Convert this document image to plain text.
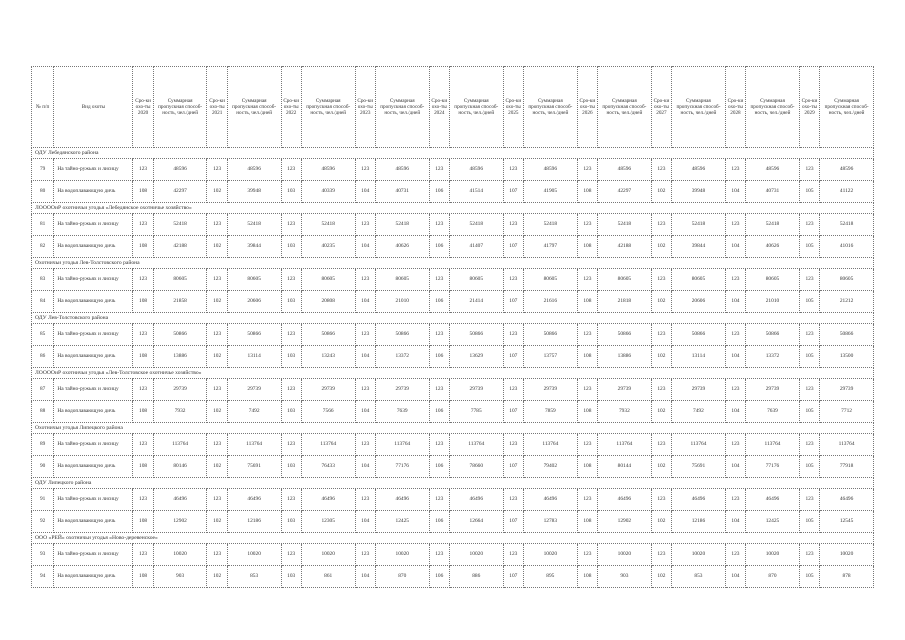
№ п/п	Вид охоты	Сро-ки охо-ты 2020	Суммарная пропускная способ-ность, чел./дней	Сро-ки охо-ты 2021	Суммарная пропускная способ-ность, чел./дней	Сро-ки охо-ты 2022	Суммарная пропускная способ-ность, чел./дней	Сро-ки охо-ты 2023	Суммарная пропускная способ-ность, чел./дней	Сро-ки охо-ты 2024	Суммарная пропускная способ-ность, чел./дней	Сро-ки охо-ты 2025	Суммарная пропускная способ-ность, чел./дней	Сро-ки охо-ты 2026	Суммарная пропускная способ-ность, чел./дней	Сро-ки охо-ты 2027	Суммарная пропускная способ-ность, чел./дней	Сро-ки охо-ты 2028	Суммарная пропускная способ-ность, чел./дней	Сро-ки охо-ты 2029	Суммарная пропускная способ-ность, чел./дней
ОДУ Лебедянского района																					
79	На тайно-ружьях и лисицу	123	48596	123	48596	123	48596	123	48596	123	48596	123	48596	123	48596	123	48596	123	48596	123	48596
80	На водоплавающую дичь	108	42297	102	39948	103	40339	104	40731	106	41514	107	41905	108	42297	102	39948	104	40731	105	41122
ЛООООиР охотничьи угодья «Лебедянское охотничье хозяйство»																					
81	На тайно-ружьях и лисицу	123	52418	123	52418	123	52418	123	52418	123	52418	123	52418	123	52418	123	52418	123	52418	123	52418
82	На водоплавающую дичь	108	42188	102	39844	103	40235	104	40626	106	41407	107	41797	108	42188	102	39844	104	40626	105	41016
Охотничьи угодья Лев-Толстовского района																					
83	На тайно-ружьях и лисицу	123	80605	123	80605	123	80605	123	80605	123	80605	123	80605	123	80605	123	80605	123	80605	123	80605
84	На водоплавающую дичь	108	21858	102	20606	103	20808	104	21010	106	21414	107	21616	108	21818	102	20606	104	21010	105	21212
ОДУ Лев-Толстовского района																					
85	На тайно-ружьях и лисицу	123	50866	123	50866	123	50866	123	50866	123	50866	123	50866	123	50866	123	50866	123	50866	123	50866
86	На водоплавающую дичь	108	13886	102	13114	103	13243	104	13372	106	13629	107	13757	108	13886	102	13114	104	13372	105	13500
ЛООООиР охотничьи угодья «Лев-Толстовское охотничье хозяйство»																					
87	На тайно-ружьях и лисицу	123	29739	123	29739	123	29739	123	29739	123	29739	123	29739	123	29739	123	29739	123	29739	123	29739
88	На водоплавающую дичь	108	7932	102	7492	103	7566	104	7639	106	7785	107	7859	108	7932	102	7492	104	7639	105	7712
Охотничьи угодья Липецкого района																					
89	На тайно-ружьях и лисицу	123	113764	123	113764	123	113764	123	113764	123	113764	123	113764	123	113764	123	113764	123	113764	123	113764
90	На водоплавающую дичь	108	80146	102	75691	103	76433	104	77176	106	78660	107	79402	108	80144	102	75691	104	77176	105	77918
ОДУ Липецкого района																					
91	На тайно-ружьях и лисицу	123	46496	123	46496	123	46496	123	46496	123	46496	123	46496	123	46496	123	46496	123	46496	123	46496
92	На водоплавающую дичь	108	12902	102	12186	103	12305	104	12425	106	12664	107	12783	108	12902	102	12186	104	12425	105	12545
ООО «РЕЙ» охотничьи угодья «Ново-деревенское»																					
93	На тайно-ружьях и лисицу	123	10020	123	10020	123	10020	123	10020	123	10020	123	10020	123	10020	123	10020	123	10020	123	10020
94	На водоплавающую дичь	108	903	102	853	103	861	104	870	106	886	107	895	108	903	102	853	104	870	105	878
